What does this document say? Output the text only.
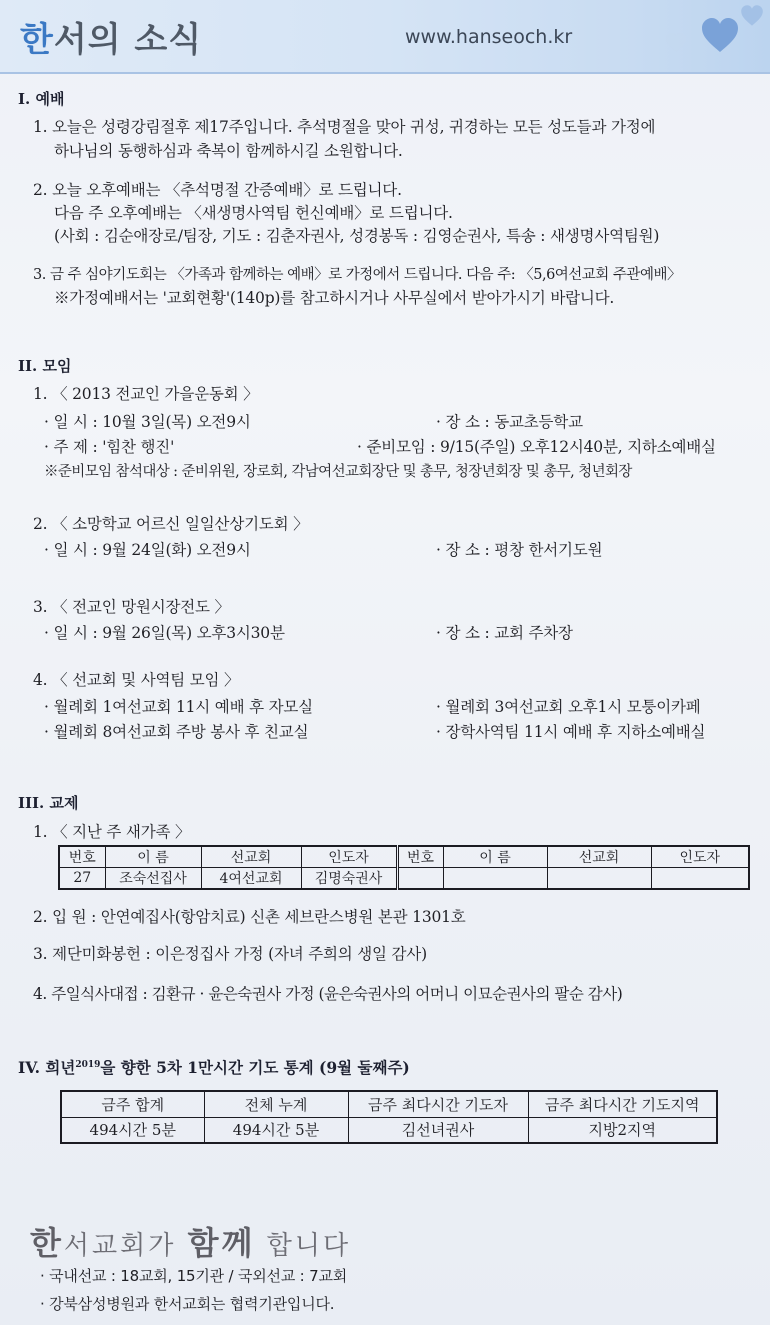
한서의 소식	www.hanseoch.kr
I. 예배
1. 오늘은 성령강림절후 제17주입니다. 추석명절을 맞아 귀성, 귀경하는 모든 성도들과 가정에
하나님의 동행하심과 축복이 함께하시길 소원합니다.
2. 오늘 오후예배는 〈추석명절 간증예배〉로 드립니다.
다음 주 오후예배는 〈새생명사역팀 헌신예배〉로 드립니다.
(사회 : 김순애장로/팀장, 기도 : 김춘자권사, 성경봉독 : 김영순권사, 특송 : 새생명사역팀원)
3. 금 주 심야기도회는 〈가족과 함께하는 예배〉로 가정에서 드립니다. 다음 주: 〈5,6여선교회 주관예배〉
※가정예배서는 '교회현황'(140p)를 참고하시거나 사무실에서 받아가시기 바랍니다.
II. 모임
1. 〈 2013 전교인 가을운동회 〉
· 일 시 : 10월 3일(목) 오전9시	· 장 소 : 동교초등학교
· 주 제 : '힘찬 행진'	· 준비모임 : 9/15(주일) 오후12시40분, 지하소예배실
※준비모임 참석대상 : 준비위원, 장로회, 각남여선교회장단 및 총무, 청장년회장 및 총무, 청년회장
2. 〈 소망학교 어르신 일일산상기도회 〉
· 일 시 : 9월 24일(화) 오전9시	· 장 소 : 평창 한서기도원
3. 〈 전교인 망원시장전도 〉
· 일 시 : 9월 26일(목) 오후3시30분	· 장 소 : 교회 주차장
4. 〈 선교회 및 사역팀 모임 〉
· 월례회 1여선교회 11시 예배 후 자모실	· 월례회 3여선교회 오후1시 모퉁이카페
· 월례회 8여선교회 주방 봉사 후 친교실	· 장학사역팀 11시 예배 후 지하소예배실
III. 교제
1. 〈 지난 주 새가족 〉
번호	이 름	선교회	인도자	번호	이 름	선교회	인도자
27	조숙선집사	4여선교회	김명숙권사				
2. 입 원 : 안연예집사(항암치료) 신촌 세브란스병원 본관 1301호
3. 제단미화봉헌 : 이은정집사 가정 (자녀 주희의 생일 감사)
4. 주일식사대접 : 김환규 · 윤은숙권사 가정 (윤은숙권사의 어머니 이묘순권사의 팔순 감사)
IV. 희년$^{2019}$을 향한 5차 1만시간 기도 통계 (9월 둘째주)
금주 합계	전체 누계	금주 최다시간 기도자	금주 최다시간 기도지역
494시간 5분	494시간 5분	김선녀권사	지방2지역
한서교회가 함께 합니다
· 국내선교 : 18교회, 15기관 / 국외선교 : 7교회
· 강북삼성병원과 한서교회는 협력기관입니다.
